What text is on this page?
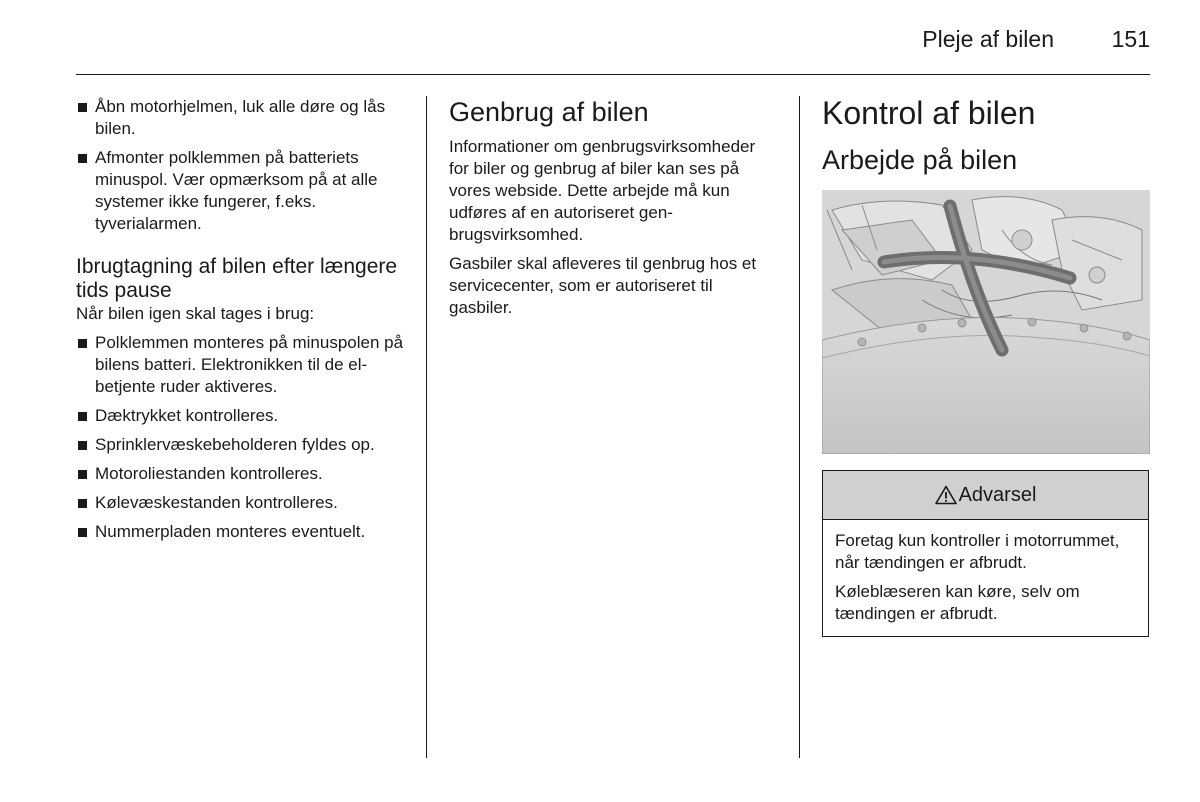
Pleje af bilen	151
Åbn motorhjelmen, luk alle døre og lås bilen.
Afmonter polklemmen på batteriets minuspol. Vær opmærksom på at alle systemer ikke fungerer, f.eks. tyverialarmen.
Ibrugtagning af bilen efter længere tids pause

Når bilen igen skal tages i brug:

Polklemmen monteres på minuspolen på bilens batteri. Elektronikken til de el-betjente ruder aktiveres.
Dæktrykket kontrolleres.
Sprinklervæskebeholderen fyldes op.
Motoroliestanden kontrolleres.
Kølevæskestanden kontrolleres.
Nummerpladen monteres eventuelt.
Genbrug af bilen

Informationer om genbrugsvirksomheder for biler og genbrug af biler kan ses på vores webside. Dette arbejde må kun udføres af en autoriseret genbrugsvirksomhed.

Gasbiler skal afleveres til genbrug hos et servicecenter, som er autoriseret til gasbiler.

Kontrol af bilen
Arbejde på bilen
Advarsel

Foretag kun kontroller i motorrummet, når tændingen er afbrudt.

Køleblæseren kan køre, selv om tændingen er afbrudt.
